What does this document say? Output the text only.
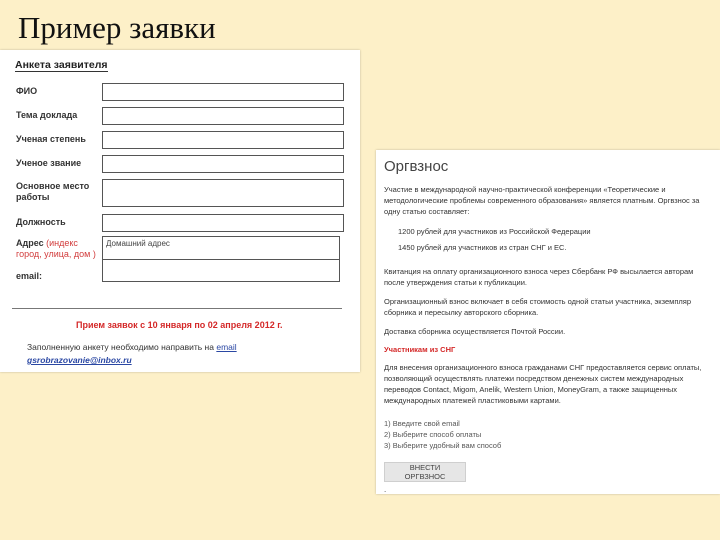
Пример заявки
Анкета заявителя
ФИО
Тема доклада
Ученая степень
Ученое звание
Основное место
работы
Должность
Адрес (индекс
город, улица, дом )
Домашний адрес
email:
Прием заявок с 10 января по 02 апреля 2012 г.
Заполненную анкету необходимо направить на email
gsrobrazovanie@inbox.ru
Оргвзнос

Участие в международной научно-практической конференции «Теоретические и методологические проблемы современного образования» является платным. Оргвзнос за одну статью составляет:

1200 рублей для участников из Российской Федерации

1450 рублей для участников из стран СНГ и ЕС.

Квитанция на оплату организационного взноса через Сбербанк РФ высылается авторам после утверждения статьи к публикации.

Организационный взнос включает в себя стоимость одной статьи участника, экземпляр сборника и пересылку авторского сборника.

Доставка сборника осуществляется Почтой России.

Участникам из СНГ

Для внесения организационного взноса гражданами СНГ предоставляется сервис оплаты, позволяющий осуществлять платежи посредством денежных систем международных переводов Contact, Migom, Anelik, Western Union, MoneyGram, а также защищенных международных платежей пластиковыми картами.

1) Введите свой email
2) Выберите способ оплаты
3) Выберите удобный вам способ
ВНЕСТИ ОРГВЗНОС
.
